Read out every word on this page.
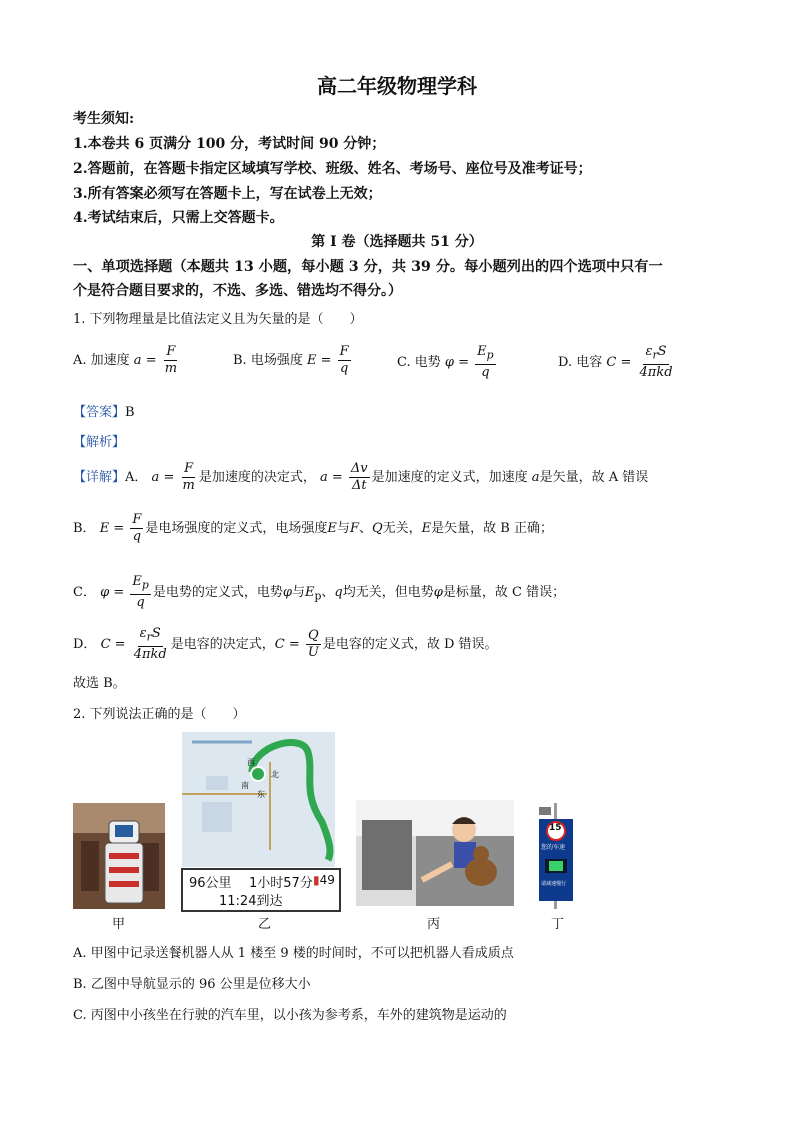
高二年级物理学科
考生须知:
1.本卷共 6 页满分 100 分，考试时间 90 分钟；
2.答题前，在答题卡指定区域填写学校、班级、姓名、考场号、座位号及准考证号；
3.所有答案必须写在答题卡上，写在试卷上无效；
4.考试结束后，只需上交答题卡。
第 I 卷（选择题共 51 分）
一、单项选择题（本题共 13 小题，每小题 3 分，共 39 分。每小题列出的四个选项中只有一
个是符合题目要求的，不选、多选、错选均不得分。）
1. 下列物理量是比值法定义且为矢量的是（　　）
A. 加速度 $a = \frac{F}{m}$	B. 电场强度 $E = \frac{F}{q}$	C. 电势 $\varphi = \frac{E_p}{q}$	D. 电容 $C = \frac{\varepsilon_rS}{\text{4πkd}}$
【答案】B
【解析】
【详解】A． $a = \frac{F}{m}$ 是加速度的决定式， $a = \frac{\Delta v}{\Delta t}$ 是加速度的定义式，加速度 a是矢量，故 A 错误
B． $E = \frac{F}{q}$ 是电场强度的定义式，电场强度E与F、Q无关，E是矢量，故 B 正确；
C． $\varphi = \frac{E_p}{q}$ 是电势的定义式，电势φ与$E_p$、q均无关，但电势φ是标量，故 C 错误；
D． $C = \frac{\varepsilon_rS}{\text{4πkd}}$ 是电容的决定式，$C = \frac{Q}{U}$ 是电容的定义式，故 D 错误。
故选 B。
2. 下列说法正确的是（　　）
西
北
南
东
96公里 1小时57分 ▮49
11:24到达
15
您的车速
请减速慢行
甲	乙	丙	丁
A. 甲图中记录送餐机器人从 1 楼至 9 楼的时间时，不可以把机器人看成质点
B. 乙图中导航显示的 96 公里是位移大小
C. 丙图中小孩坐在行驶的汽车里，以小孩为参考系，车外的建筑物是运动的
